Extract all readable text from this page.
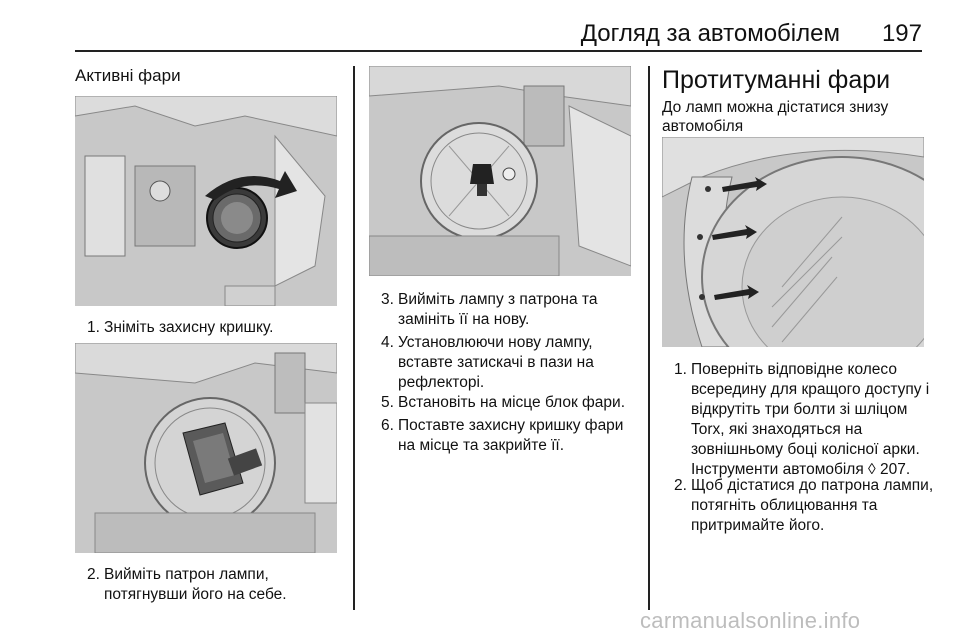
Догляд за автомобілем 197
Активні фари
1. Зніміть захисну кришку.
2. Вийміть патрон лампи, потягнувши його на себе.
3. Вийміть лампу з патрона та замініть її на нову.
4. Установлюючи нову лампу, вставте затискачі в пази на рефлекторі.
5. Встановіть на місце блок фари.
6. Поставте захисну кришку фари на місце та закрийте її.
Протитуманні фари
До ламп можна дістатися знизу автомобіля
1. Поверніть відповідне колесо всередину для кращого доступу і відкрутіть три болти зі шліцом Torx, які знаходяться на зовнішньому боці колісної арки. Інструменти автомобіля ◊ 207.
2. Щоб дістатися до патрона лампи, потягніть облицювання та притримайте його.
carmanualsonline.info
